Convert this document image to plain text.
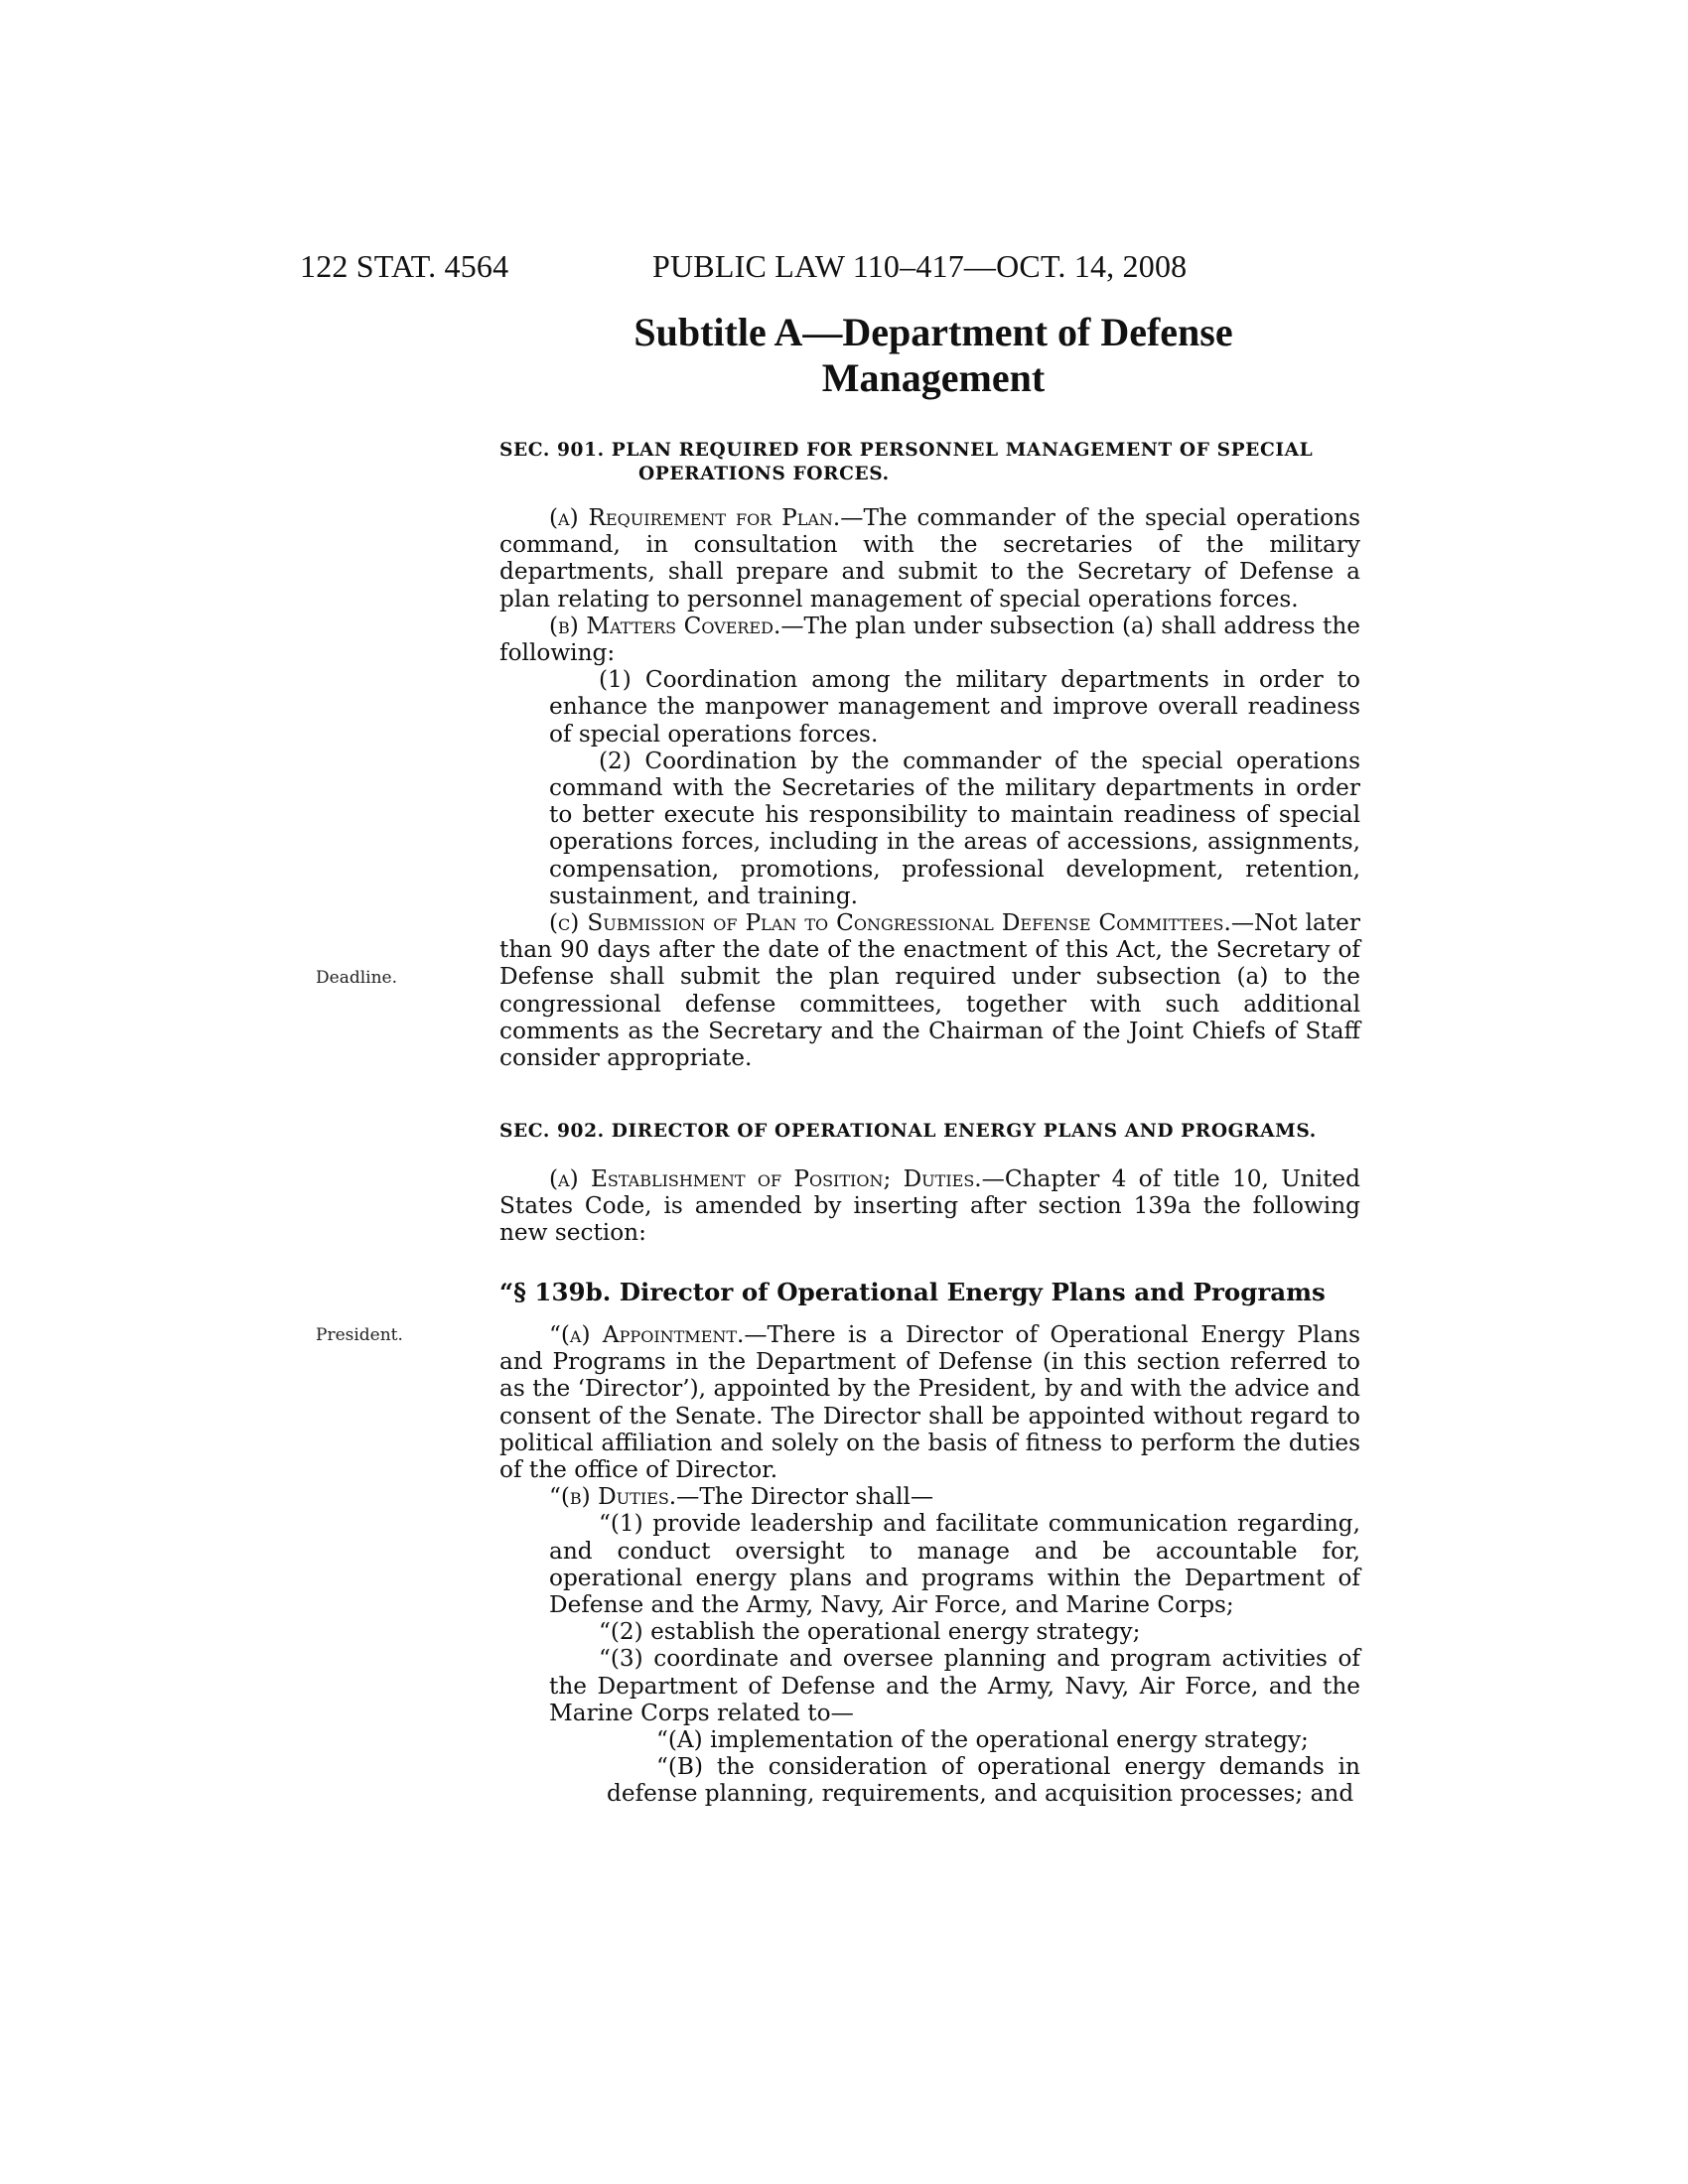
122 STAT. 4564	PUBLIC LAW 110–417—OCT. 14, 2008
Subtitle A—Department of Defense
Management
Deadline.
President.

SEC. 901. PLAN REQUIRED FOR PERSONNEL MANAGEMENT OF SPECIAL OPERATIONS FORCES.

(a) Requirement for Plan.—The commander of the special operations command, in consultation with the secretaries of the military departments, shall prepare and submit to the Secretary of Defense a plan relating to personnel management of special operations forces.

(b) Matters Covered.—The plan under subsection (a) shall address the following:

(1) Coordination among the military departments in order to enhance the manpower management and improve overall readiness of special operations forces.

(2) Coordination by the commander of the special operations command with the Secretaries of the military departments in order to better execute his responsibility to maintain readiness of special operations forces, including in the areas of accessions, assignments, compensation, promotions, professional development, retention, sustainment, and training.

(c) Submission of Plan to Congressional Defense Committees.—Not later than 90 days after the date of the enactment of this Act, the Secretary of Defense shall submit the plan required under subsection (a) to the congressional defense committees, together with such additional comments as the Secretary and the Chairman of the Joint Chiefs of Staff consider appropriate.

SEC. 902. DIRECTOR OF OPERATIONAL ENERGY PLANS AND PROGRAMS.

(a) Establishment of Position; Duties.—Chapter 4 of title 10, United States Code, is amended by inserting after section 139a the following new section:

“§ 139b. Director of Operational Energy Plans and Programs

“(a) Appointment.—There is a Director of Operational Energy Plans and Programs in the Department of Defense (in this section referred to as the ‘Director’), appointed by the President, by and with the advice and consent of the Senate. The Director shall be appointed without regard to political affiliation and solely on the basis of fitness to perform the duties of the office of Director.

“(b) Duties.—The Director shall—

“(1) provide leadership and facilitate communication regarding, and conduct oversight to manage and be accountable for, operational energy plans and programs within the Department of Defense and the Army, Navy, Air Force, and Marine Corps;

“(2) establish the operational energy strategy;

“(3) coordinate and oversee planning and program activities of the Department of Defense and the Army, Navy, Air Force, and the Marine Corps related to—

“(A) implementation of the operational energy strategy;

“(B) the consideration of operational energy demands in defense planning, requirements, and acquisition processes; and
